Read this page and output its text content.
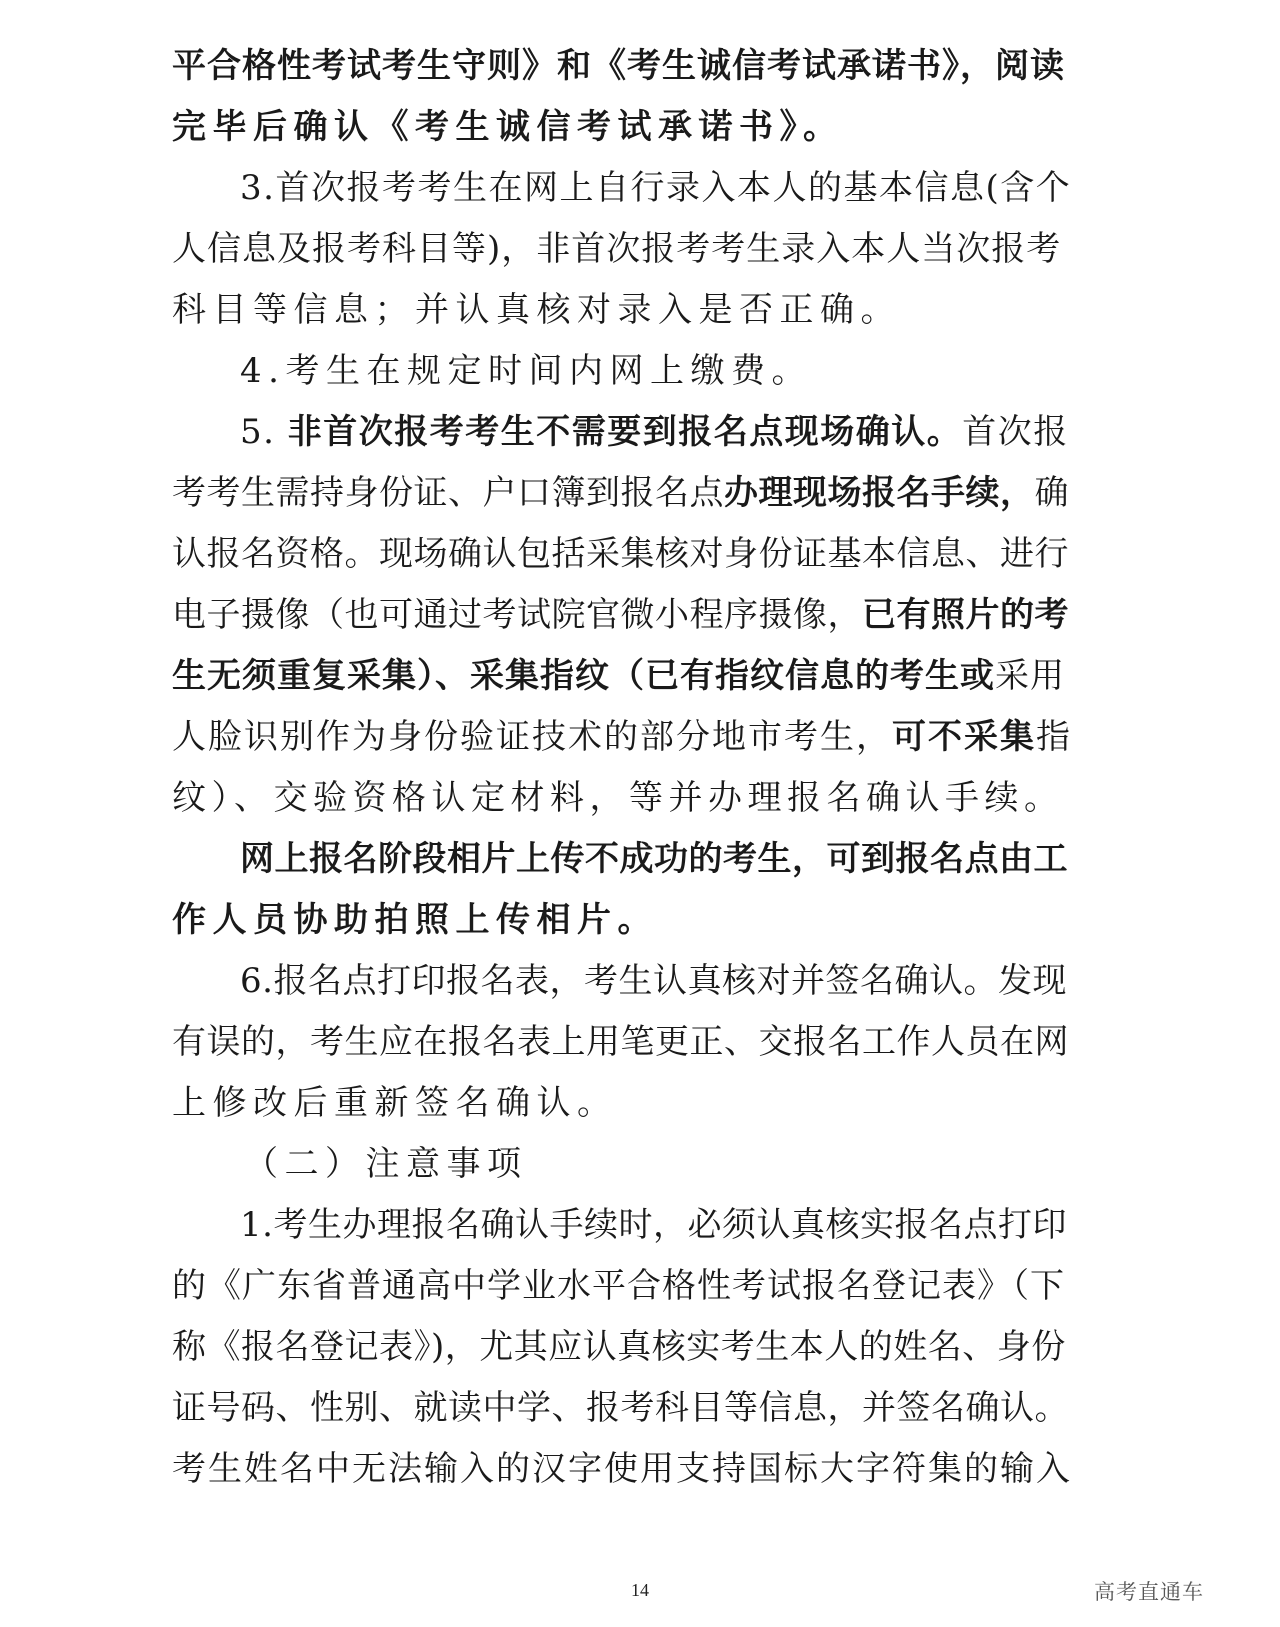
平合格性考试考生守则》和《考生诚信考试承诺书》，阅读
完毕后确认《考生诚信考试承诺书》。
3.首次报考考生在网上自行录入本人的基本信息(含个
人信息及报考科目等)，非首次报考考生录入本人当次报考
科目等信息；并认真核对录入是否正确。
4.考生在规定时间内网上缴费。
5. 非首次报考考生不需要到报名点现场确认。首次报
考考生需持身份证、户口簿到报名点办理现场报名手续，确
认报名资格。现场确认包括采集核对身份证基本信息、进行
电子摄像（也可通过考试院官微小程序摄像，已有照片的考
生无须重复采集）、采集指纹（已有指纹信息的考生或采用
人脸识别作为身份验证技术的部分地市考生，可不采集指
纹）、交验资格认定材料，等并办理报名确认手续。
网上报名阶段相片上传不成功的考生，可到报名点由工
作人员协助拍照上传相片。
6.报名点打印报名表，考生认真核对并签名确认。发现
有误的，考生应在报名表上用笔更正、交报名工作人员在网
上修改后重新签名确认。
（二）注意事项
1.考生办理报名确认手续时，必须认真核实报名点打印
的《广东省普通高中学业水平合格性考试报名登记表》（下
称《报名登记表》)，尤其应认真核实考生本人的姓名、身份
证号码、性别、就读中学、报考科目等信息，并签名确认。
考生姓名中无法输入的汉字使用支持国标大字符集的输入
14	高考直通车
